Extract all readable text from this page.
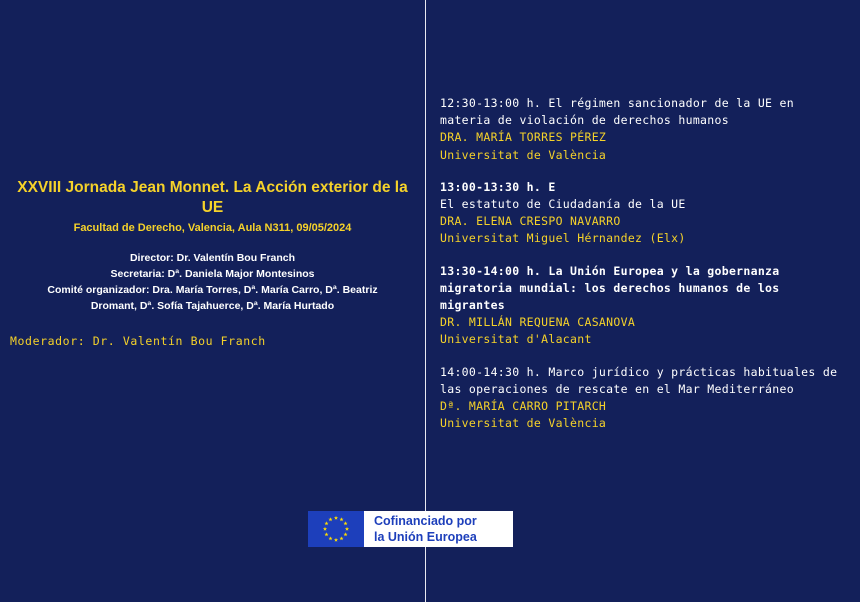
XXVIII Jornada Jean Monnet. La Acción exterior de la UE
Facultad de Derecho, Valencia, Aula N311, 09/05/2024
Director: Dr. Valentín Bou Franch
Secretaria: Dª. Daniela Major Montesinos
Comité organizador: Dra. María Torres, Dª. María Carro, Dª. Beatriz
Dromant, Dª. Sofía Tajahuerce, Dª. María Hurtado
Moderador: Dr. Valentín Bou Franch
12:30-13:00 h. El régimen sancionador de la UE en materia de violación de derechos humanos
DRA. MARÍA TORRES PÉREZ
Universitat de València
13:00-13:30 h. E
El estatuto de Ciudadanía de la UE
DRA. ELENA CRESPO NAVARRO
Universitat Miguel Hérnandez (Elx)
13:30-14:00 h. La Unión Europea y la gobernanza migratoria mundial: los derechos humanos de los migrantes
DR. MILLÁN REQUENA CASANOVA
Universitat d'Alacant
14:00-14:30 h. Marco jurídico y prácticas habituales de las operaciones de rescate en el Mar Mediterráneo
Dª. MARÍA CARRO PITARCH
Universitat de València
Cofinanciado por
la Unión Europea
